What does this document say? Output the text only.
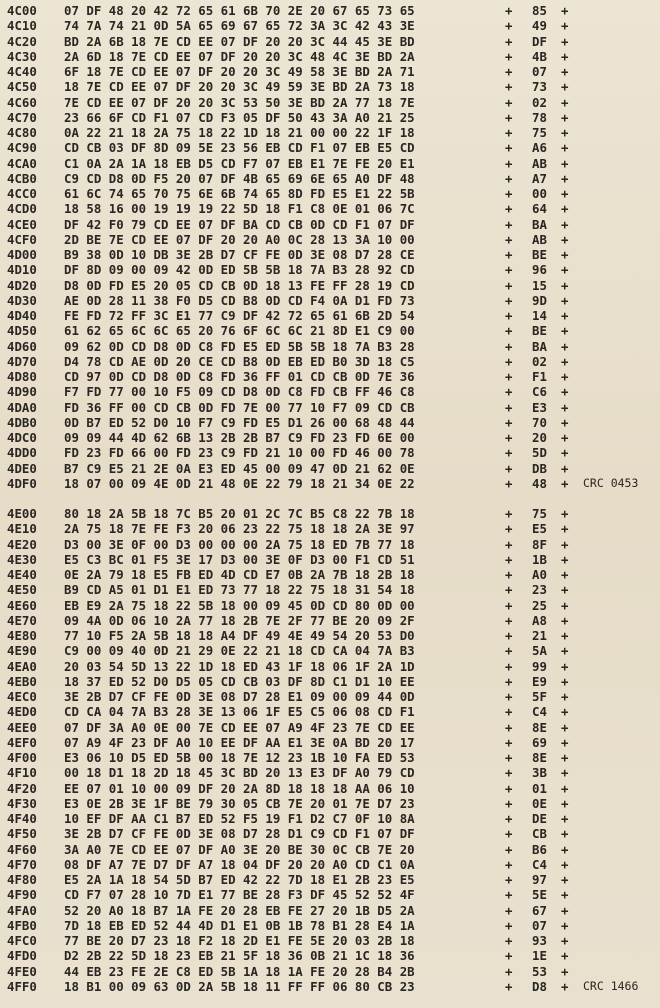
4C00 07 DF 48 20 42 72 65 61 6B 70 2E 20 67 65 73 65	+ 85 +
4C10 74 7A 74 21 0D 5A 65 69 67 65 72 3A 3C 42 43 3E	+ 49 +
4C20 BD 2A 6B 18 7E CD EE 07 DF 20 20 3C 44 45 3E BD	+ DF +
4C30 2A 6D 18 7E CD EE 07 DF 20 20 3C 48 4C 3E BD 2A	+ 4B +
4C40 6F 18 7E CD EE 07 DF 20 20 3C 49 58 3E BD 2A 71	+ 07 +
4C50 18 7E CD EE 07 DF 20 20 3C 49 59 3E BD 2A 73 18	+ 73 +
4C60 7E CD EE 07 DF 20 20 3C 53 50 3E BD 2A 77 18 7E	+ 02 +
4C70 23 66 6F CD F1 07 CD F3 05 DF 50 43 3A A0 21 25	+ 78 +
4C80 0A 22 21 18 2A 75 18 22 1D 18 21 00 00 22 1F 18	+ 75 +
4C90 CD CB 03 DF 8D 09 5E 23 56 EB CD F1 07 EB E5 CD	+ A6 +
4CA0 C1 0A 2A 1A 18 EB D5 CD F7 07 EB E1 7E FE 20 E1	+ AB +
4CB0 C9 CD D8 0D F5 20 07 DF 4B 65 69 6E 65 A0 DF 48	+ A7 +
4CC0 61 6C 74 65 70 75 6E 6B 74 65 8D FD E5 E1 22 5B	+ 00 +
4CD0 18 58 16 00 19 19 19 22 5D 18 F1 C8 0E 01 06 7C	+ 64 +
4CE0 DF 42 F0 79 CD EE 07 DF BA CD CB 0D CD F1 07 DF	+ BA +
4CF0 2D BE 7E CD EE 07 DF 20 20 A0 0C 28 13 3A 10 00	+ AB +
4D00 B9 38 0D 10 DB 3E 2B D7 CF FE 0D 3E 08 D7 28 CE	+ BE +
4D10 DF 8D 09 00 09 42 0D ED 5B 5B 18 7A B3 28 92 CD	+ 96 +
4D20 D8 0D FD E5 20 05 CD CB 0D 18 13 FE FF 28 19 CD	+ 15 +
4D30 AE 0D 28 11 38 F0 D5 CD B8 0D CD F4 0A D1 FD 73	+ 9D +
4D40 FE FD 72 FF 3C E1 77 C9 DF 42 72 65 61 6B 2D 54	+ 14 +
4D50 61 62 65 6C 6C 65 20 76 6F 6C 6C 21 8D E1 C9 00	+ BE +
4D60 09 62 0D CD D8 0D C8 FD E5 ED 5B 5B 18 7A B3 28	+ BA +
4D70 D4 78 CD AE 0D 20 CE CD B8 0D EB ED B0 3D 18 C5	+ 02 +
4D80 CD 97 0D CD D8 0D C8 FD 36 FF 01 CD CB 0D 7E 36	+ F1 +
4D90 F7 FD 77 00 10 F5 09 CD D8 0D C8 FD CB FF 46 C8	+ C6 +
4DA0 FD 36 FF 00 CD CB 0D FD 7E 00 77 10 F7 09 CD CB	+ E3 +
4DB0 0D B7 ED 52 D0 10 F7 C9 FD E5 D1 26 00 68 48 44	+ 70 +
4DC0 09 09 44 4D 62 6B 13 2B 2B B7 C9 FD 23 FD 6E 00	+ 20 +
4DD0 FD 23 FD 66 00 FD 23 C9 FD 21 10 00 FD 46 00 78	+ 5D +
4DE0 B7 C9 E5 21 2E 0A E3 ED 45 00 09 47 0D 21 62 0E	+ DB +
4DF0 18 07 00 09 4E 0D 21 48 0E 22 79 18 21 34 0E 22	+ 48 + CRC 0453
4E00 80 18 2A 5B 18 7C B5 20 01 2C 7C B5 C8 22 7B 18	+ 75 +
4E10 2A 75 18 7E FE F3 20 06 23 22 75 18 18 2A 3E 97	+ E5 +
4E20 D3 00 3E 0F 00 D3 00 00 00 2A 75 18 ED 7B 77 18	+ 8F +
4E30 E5 C3 BC 01 F5 3E 17 D3 00 3E 0F D3 00 F1 CD 51	+ 1B +
4E40 0E 2A 79 18 E5 FB ED 4D CD E7 0B 2A 7B 18 2B 18	+ A0 +
4E50 B9 CD A5 01 D1 E1 ED 73 77 18 22 75 18 31 54 18	+ 23 +
4E60 EB E9 2A 75 18 22 5B 18 00 09 45 0D CD 80 0D 00	+ 25 +
4E70 09 4A 0D 06 10 2A 77 18 2B 7E 2F 77 BE 20 09 2F	+ A8 +
4E80 77 10 F5 2A 5B 18 18 A4 DF 49 4E 49 54 20 53 D0	+ 21 +
4E90 C9 00 09 40 0D 21 29 0E 22 21 18 CD CA 04 7A B3	+ 5A +
4EA0 20 03 54 5D 13 22 1D 18 ED 43 1F 18 06 1F 2A 1D	+ 99 +
4EB0 18 37 ED 52 D0 D5 05 CD CB 03 DF 8D C1 D1 10 EE	+ E9 +
4EC0 3E 2B D7 CF FE 0D 3E 08 D7 28 E1 09 00 09 44 0D	+ 5F +
4ED0 CD CA 04 7A B3 28 3E 13 06 1F E5 C5 06 08 CD F1	+ C4 +
4EE0 07 DF 3A A0 0E 00 7E CD EE 07 A9 4F 23 7E CD EE	+ 8E +
4EF0 07 A9 4F 23 DF A0 10 EE DF AA E1 3E 0A BD 20 17	+ 69 +
4F00 E3 06 10 D5 ED 5B 00 18 7E 12 23 1B 10 FA ED 53	+ 8E +
4F10 00 18 D1 18 2D 18 45 3C BD 20 13 E3 DF A0 79 CD	+ 3B +
4F20 EE 07 01 10 00 09 DF 20 2A 8D 18 18 18 AA 06 10	+ 01 +
4F30 E3 0E 2B 3E 1F BE 79 30 05 CB 7E 20 01 7E D7 23	+ 0E +
4F40 10 EF DF AA C1 B7 ED 52 F5 19 F1 D2 C7 0F 10 8A	+ DE +
4F50 3E 2B D7 CF FE 0D 3E 08 D7 28 D1 C9 CD F1 07 DF	+ CB +
4F60 3A A0 7E CD EE 07 DF A0 3E 20 BE 30 0C CB 7E 20	+ B6 +
4F70 08 DF A7 7E D7 DF A7 18 04 DF 20 20 A0 CD C1 0A	+ C4 +
4F80 E5 2A 1A 18 54 5D B7 ED 42 22 7D 18 E1 2B 23 E5	+ 97 +
4F90 CD F7 07 28 10 7D E1 77 BE 28 F3 DF 45 52 52 4F	+ 5E +
4FA0 52 20 A0 18 B7 1A FE 20 28 EB FE 27 20 1B D5 2A	+ 67 +
4FB0 7D 18 EB ED 52 44 4D D1 E1 0B 1B 78 B1 28 E4 1A	+ 07 +
4FC0 77 BE 20 D7 23 18 F2 18 2D E1 FE 5E 20 03 2B 18	+ 93 +
4FD0 D2 2B 22 5D 18 23 EB 21 5F 18 36 0B 21 1C 18 36	+ 1E +
4FE0 44 EB 23 FE 2E C8 ED 5B 1A 18 1A FE 20 28 B4 2B	+ 53 +
4FF0 18 B1 00 09 63 0D 2A 5B 18 11 FF FF 06 80 CB 23	+ D8 + CRC 1466
